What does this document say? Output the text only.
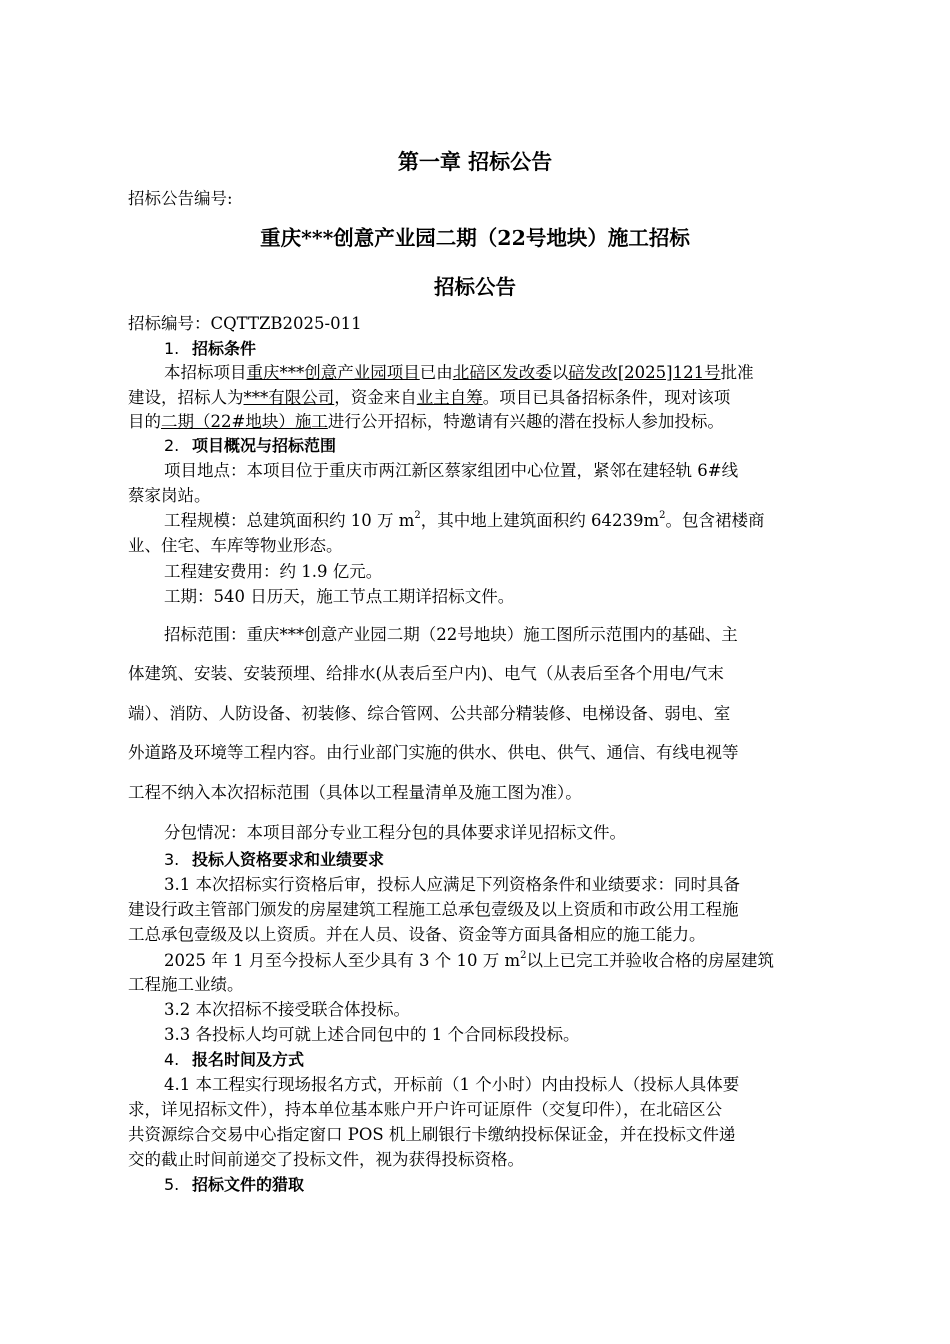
第一章 招标公告
招标公告编号:
重庆***创意产业园二期（22号地块）施工招标
招标公告
招标编号：CQTTZB2025-011
1. 招标条件
本招标项目重庆***创意产业园项目已由北碚区发改委以碚发改[2025]121号批准
建设，招标人为***有限公司，资金来自业主自筹。项目已具备招标条件，现对该项
目的二期（22#地块）施工进行公开招标，特邀请有兴趣的潜在投标人参加投标。
2. 项目概况与招标范围
项目地点：本项目位于重庆市两江新区蔡家组团中心位置，紧邻在建轻轨 6#线
蔡家岗站。
工程规模：总建筑面积约 10 万 $m^2$，其中地上建筑面积约 $64239m^2$。包含裙楼商
业、住宅、车库等物业形态。
工程建安费用：约 1.9 亿元。
工期：540 日历天，施工节点工期详招标文件。
招标范围：重庆***创意产业园二期（22号地块）施工图所示范围内的基础、主
体建筑、安装、安装预埋、给排水(从表后至户内)、电气（从表后至各个用电/气末
端）、消防、人防设备、初装修、综合管网、公共部分精装修、电梯设备、弱电、室
外道路及环境等工程内容。由行业部门实施的供水、供电、供气、通信、有线电视等
工程不纳入本次招标范围（具体以工程量清单及施工图为准）。
分包情况：本项目部分专业工程分包的具体要求详见招标文件。
3. 投标人资格要求和业绩要求
3.1 本次招标实行资格后审，投标人应满足下列资格条件和业绩要求：同时具备
建设行政主管部门颁发的房屋建筑工程施工总承包壹级及以上资质和市政公用工程施
工总承包壹级及以上资质。并在人员、设备、资金等方面具备相应的施工能力。
2025 年 1 月至今投标人至少具有 3 个 10 万 $m^2$以上已完工并验收合格的房屋建筑
工程施工业绩。
3.2 本次招标不接受联合体投标。
3.3 各投标人均可就上述合同包中的 1 个合同标段投标。
4. 报名时间及方式
4.1 本工程实行现场报名方式，开标前（1 个小时）内由投标人（投标人具体要
求，详见招标文件），持本单位基本账户开户许可证原件（交复印件），在北碚区公
共资源综合交易中心指定窗口 POS 机上刷银行卡缴纳投标保证金，并在投标文件递
交的截止时间前递交了投标文件，视为获得投标资格。
5. 招标文件的猎取
